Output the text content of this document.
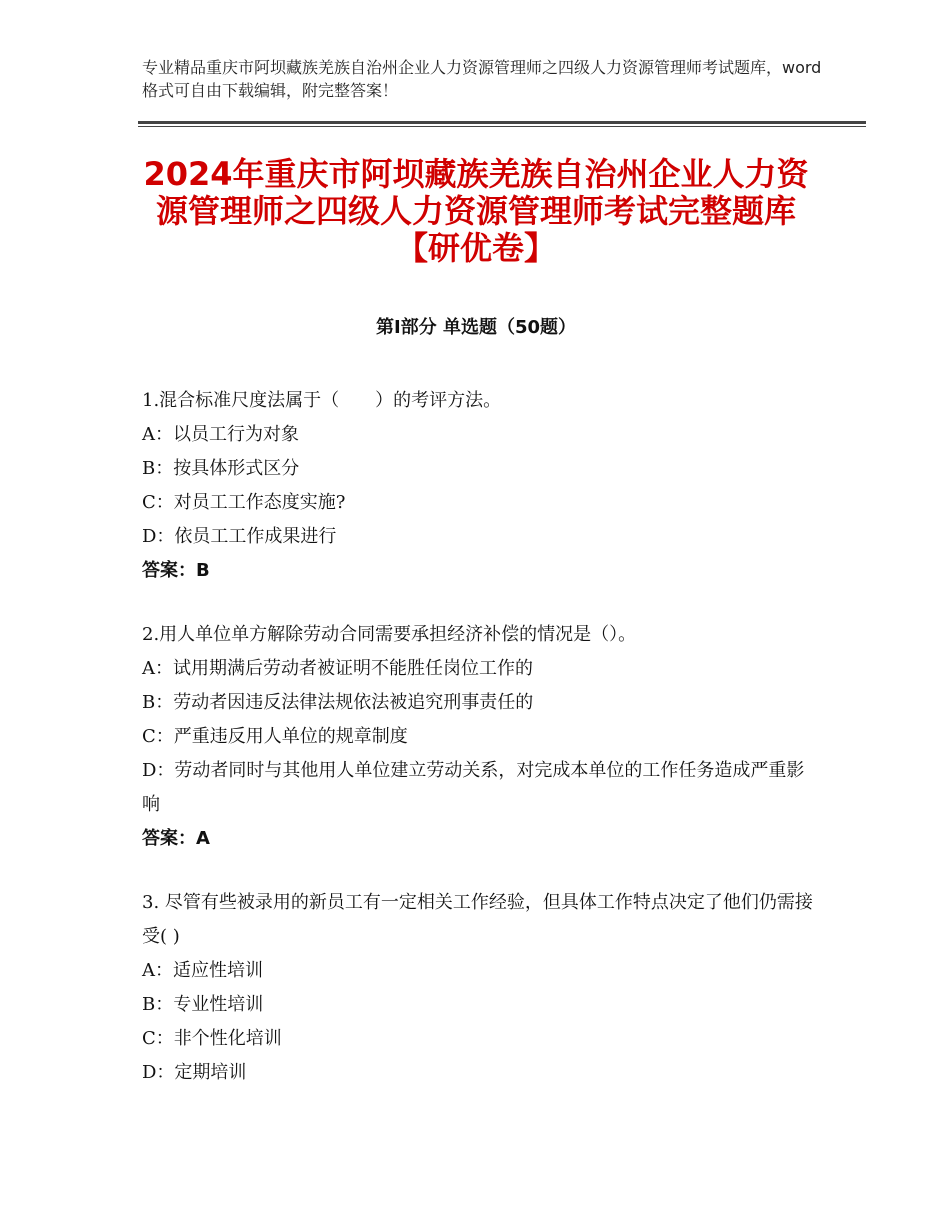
专业精品重庆市阿坝藏族羌族自治州企业人力资源管理师之四级人力资源管理师考试题库，word格式可自由下载编辑，附完整答案！
2024年重庆市阿坝藏族羌族自治州企业人力资源管理师之四级人力资源管理师考试完整题库【研优卷】
第Ⅰ部分 单选题（50题）

1.混合标准尺度法属于（　　）的考评方法。

A：以员工行为对象

B：按具体形式区分

C：对员工工作态度实施?

D：依员工工作成果进行

答案：B

2.用人单位单方解除劳动合同需要承担经济补偿的情况是（）。

A：试用期满后劳动者被证明不能胜任岗位工作的

B：劳动者因违反法律法规依法被追究刑事责任的

C：严重违反用人单位的规章制度

D：劳动者同时与其他用人单位建立劳动关系，对完成本单位的工作任务造成严重影响

答案：A

3. 尽管有些被录用的新员工有一定相关工作经验，但具体工作特点决定了他们仍需接受( )

A：适应性培训

B：专业性培训

C：非个性化培训

D：定期培训
